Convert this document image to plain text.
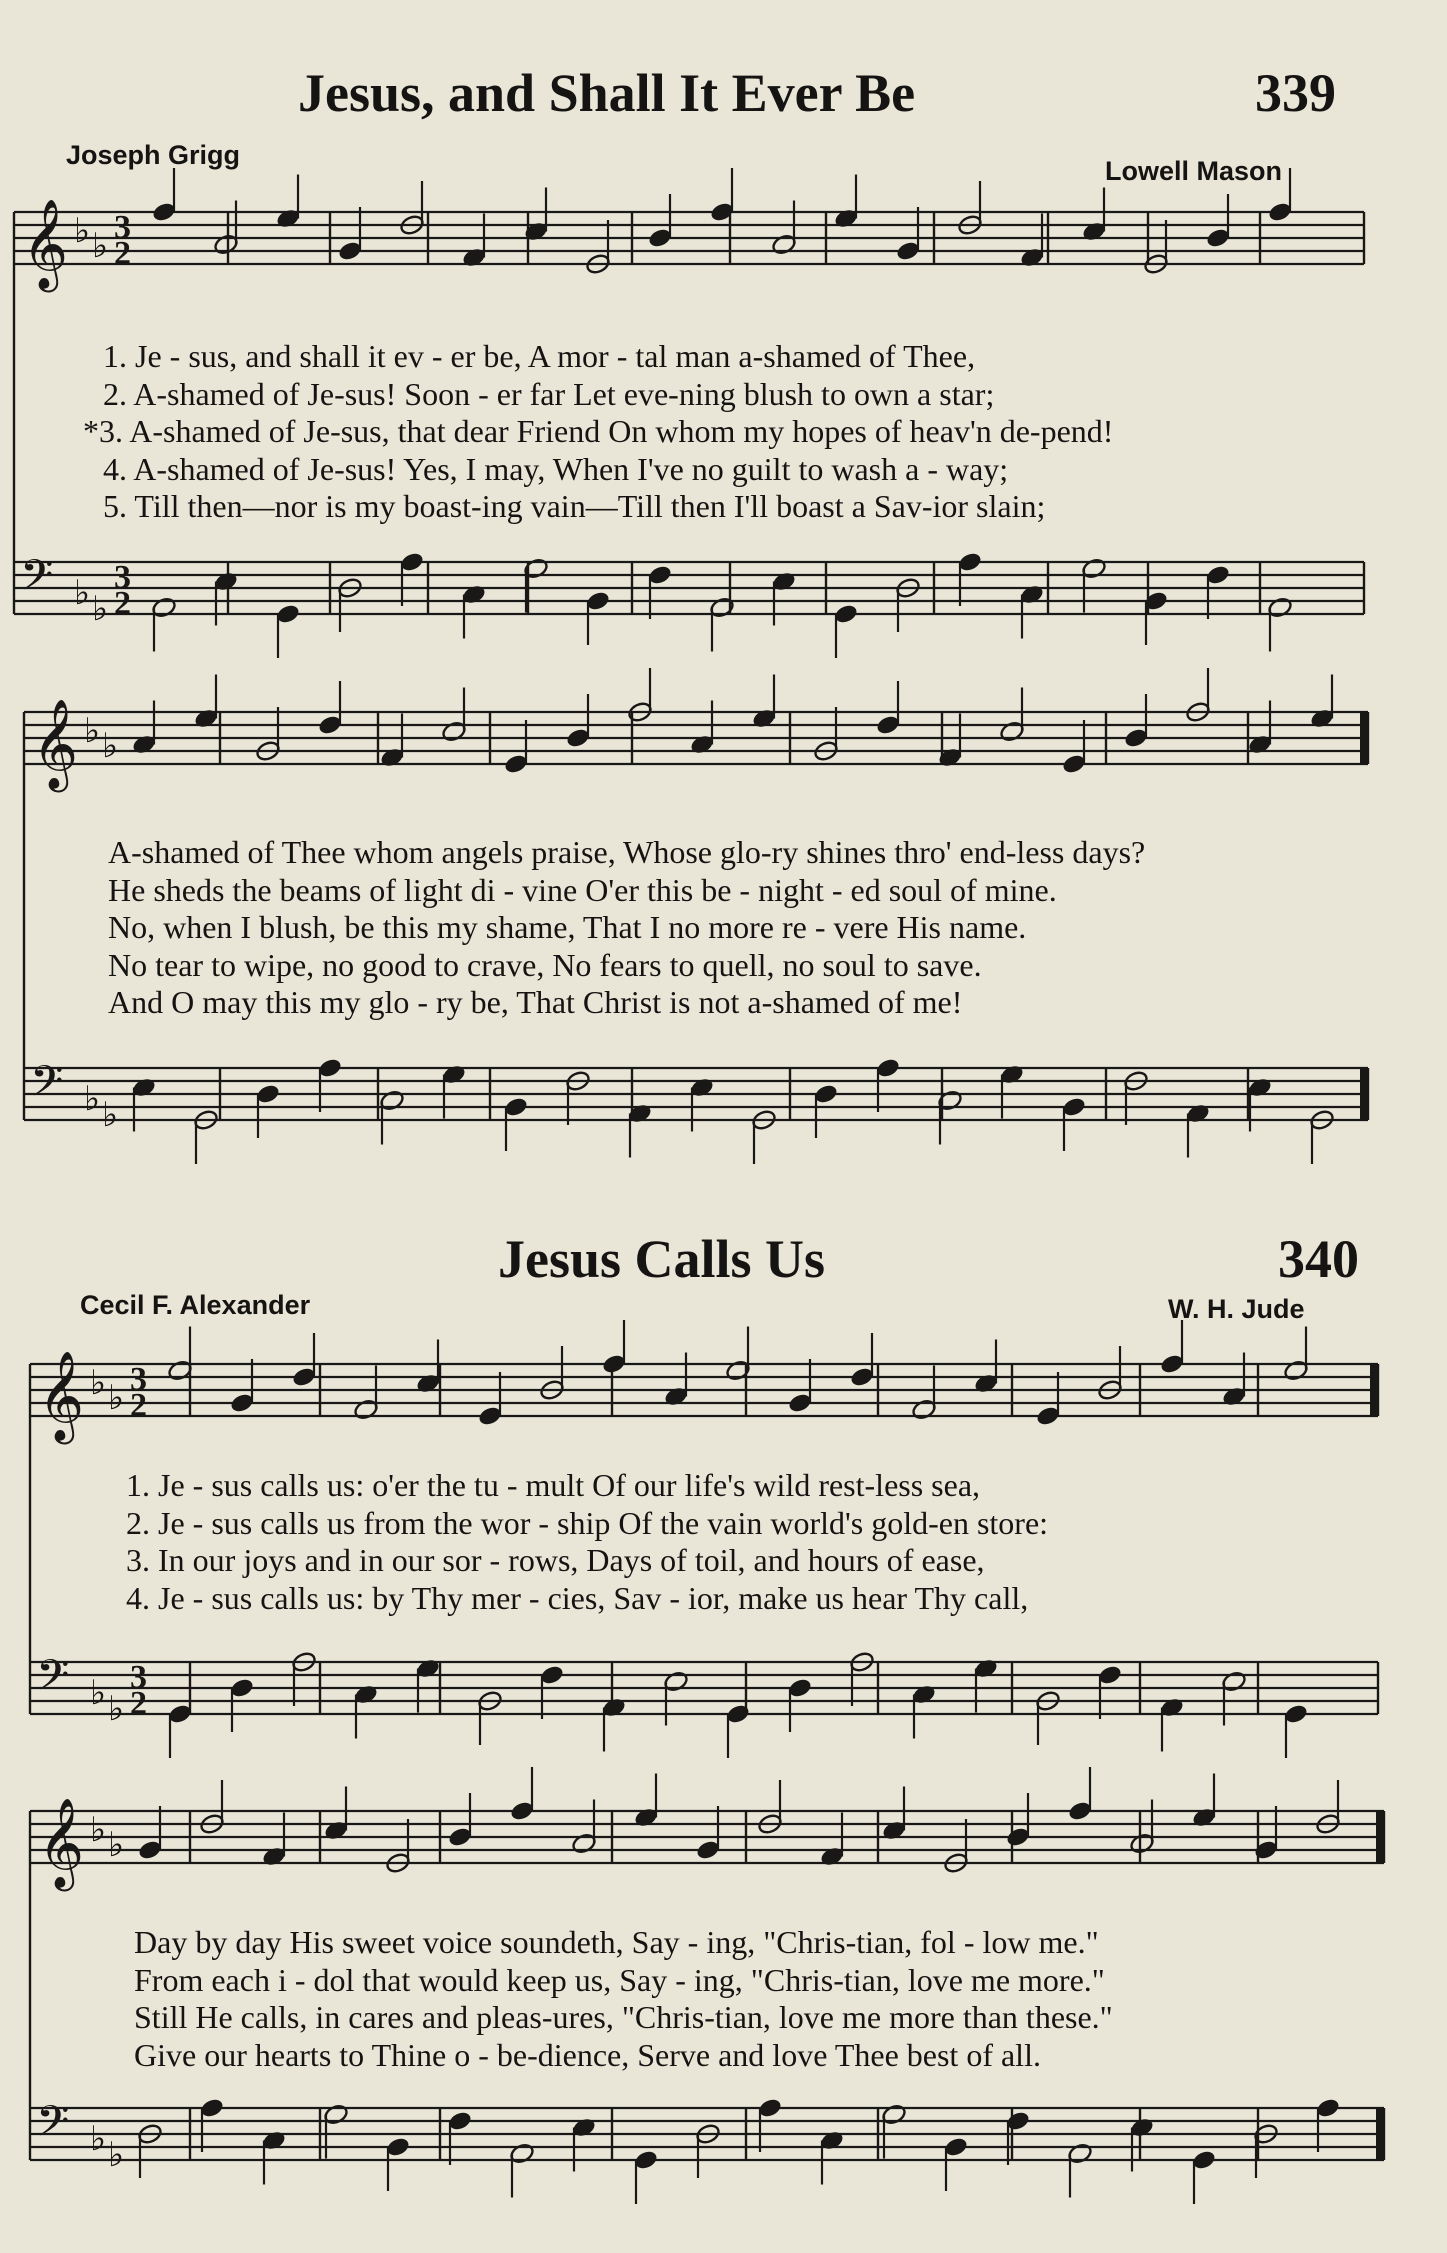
Jesus, and Shall It Ever Be	339
Joseph Grigg
Lowell Mason
𝄞 ♭ ♭ 3
2
𝄢 ♭ ♭
3
2
𝄞 ♭ ♭
𝄢 ♭ ♭
𝄞 ♭ ♭ 3
2
𝄢 ♭ ♭
3
2
𝄞 ♭ ♭
𝄢 ♭ ♭
1. Je - sus, and shall it ev - er be, A mor - tal man a-shamed of Thee,
2. A-shamed of Je-sus! Soon - er far Let eve-ning blush to own a star;
*3. A-shamed of Je-sus, that dear Friend On whom my hopes of heav'n de-pend!
4. A-shamed of Je-sus! Yes, I may, When I've no guilt to wash a - way;
5. Till then—nor is my boast-ing vain—Till then I'll boast a Sav-ior slain;
A-shamed of Thee whom angels praise, Whose glo-ry shines thro' end-less days?
He sheds the beams of light di - vine O'er this be - night - ed soul of mine.
No, when I blush, be this my shame, That I no more re - vere His name.
No tear to wipe, no good to crave, No fears to quell, no soul to save.
And O may this my glo - ry be, That Christ is not a-shamed of me!
Jesus Calls Us	340
Cecil F. Alexander	W. H. Jude
1. Je - sus calls us: o'er the tu - mult Of our life's wild rest-less sea,
2. Je - sus calls us from the wor - ship Of the vain world's gold-en store:
3. In our joys and in our sor - rows, Days of toil, and hours of ease,
4. Je - sus calls us: by Thy mer - cies, Sav - ior, make us hear Thy call,
Day by day His sweet voice soundeth, Say - ing, "Chris-tian, fol - low me."
From each i - dol that would keep us, Say - ing, "Chris-tian, love me more."
Still He calls, in cares and pleas-ures, "Chris-tian, love me more than these."
Give our hearts to Thine o - be-dience, Serve and love Thee best of all.
